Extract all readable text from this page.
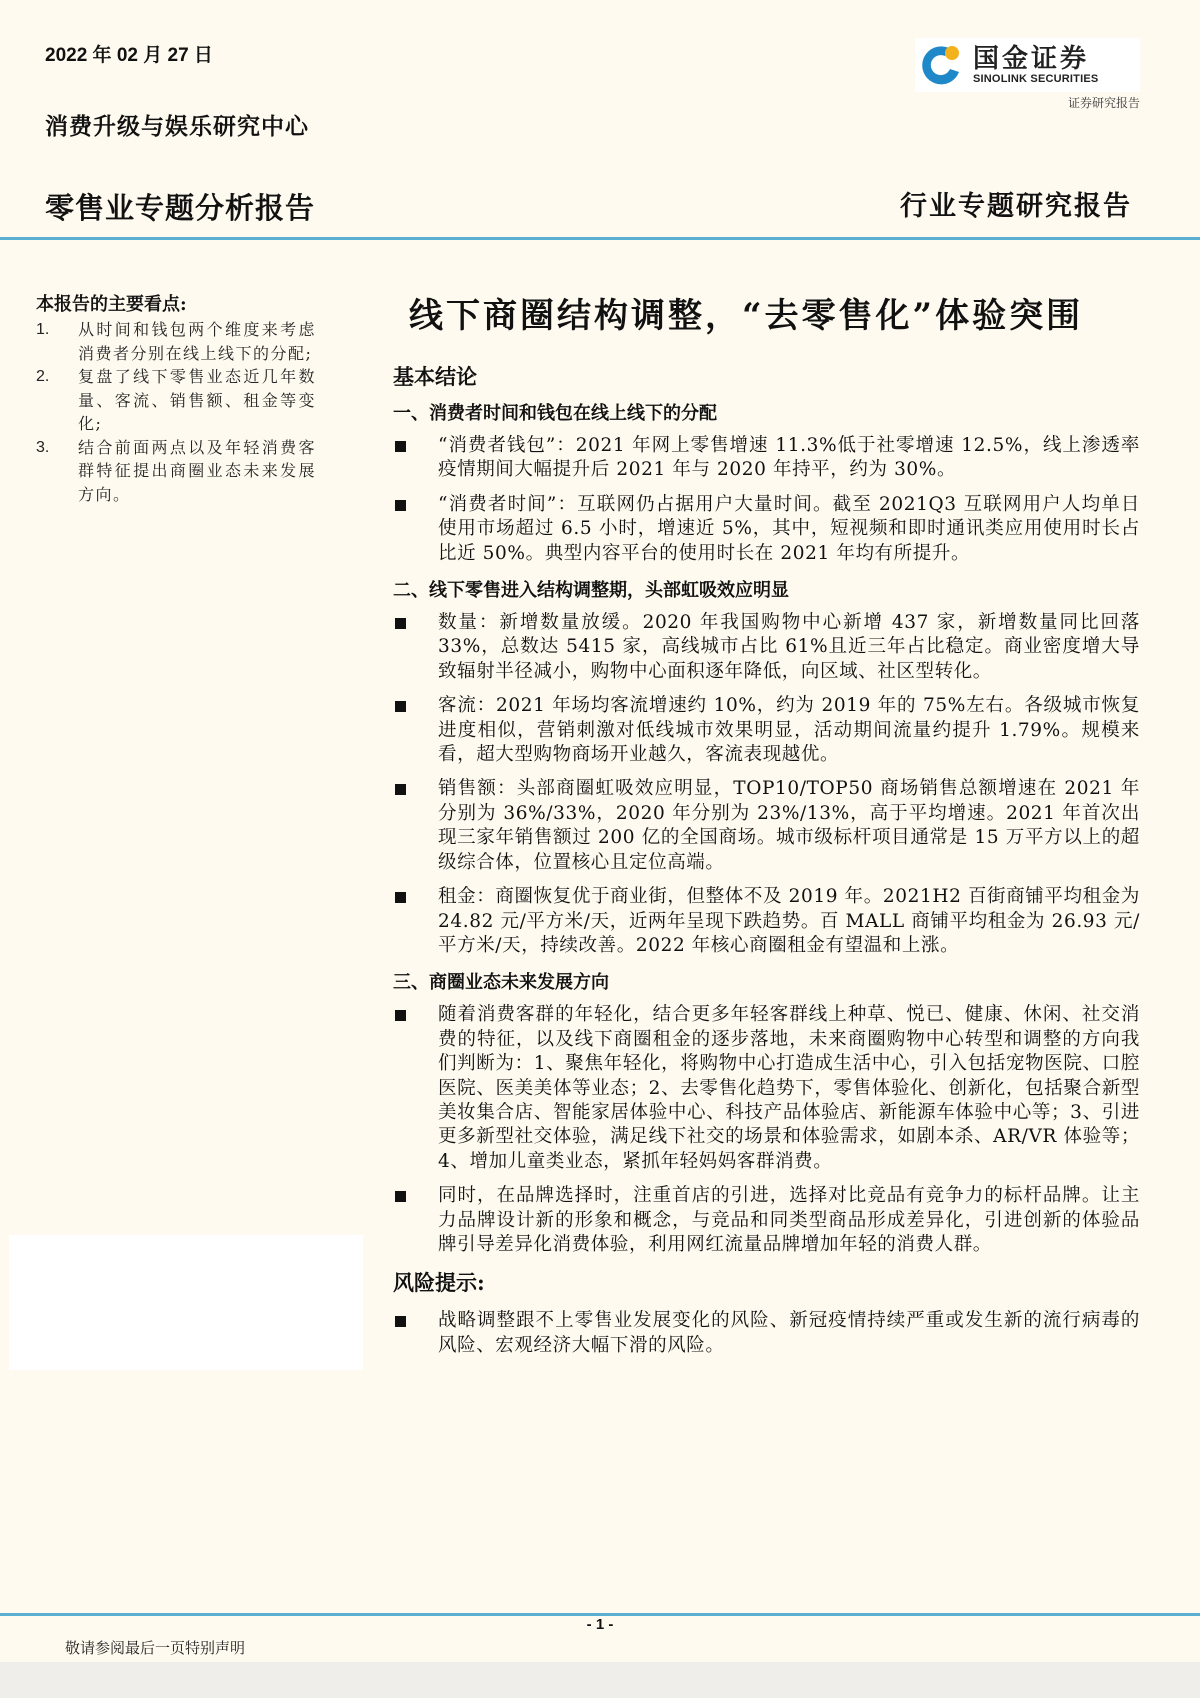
2022 年 02 月 27 日
消费升级与娱乐研究中心
零售业专题分析报告	行业专题研究报告
国金证券
SINOLINK SECURITIES
证券研究报告
本报告的主要看点:
1.	从时间和钱包两个维度来考虑消费者分别在线上线下的分配;
2.	复盘了线下零售业态近几年数量、客流、销售额、租金等变化;
3.	结合前面两点以及年轻消费客群特征提出商圈业态未来发展方向。
线下商圈结构调整，“去零售化”体验突围
基本结论
一、消费者时间和钱包在线上线下的分配
“消费者钱包”：2021 年网上零售增速 11.3%低于社零增速 12.5%，线上渗透率疫情期间大幅提升后 2021 年与 2020 年持平，约为 30%。
“消费者时间”：互联网仍占据用户大量时间。截至 2021Q3 互联网用户人均单日使用市场超过 6.5 小时，增速近 5%，其中，短视频和即时通讯类应用使用时长占比近 50%。典型内容平台的使用时长在 2021 年均有所提升。
二、线下零售进入结构调整期，头部虹吸效应明显
数量：新增数量放缓。2020 年我国购物中心新增 437 家，新增数量同比回落 33%，总数达 5415 家，高线城市占比 61%且近三年占比稳定。商业密度增大导致辐射半径减小，购物中心面积逐年降低，向区域、社区型转化。
客流：2021 年场均客流增速约 10%，约为 2019 年的 75%左右。各级城市恢复进度相似，营销刺激对低线城市效果明显，活动期间流量约提升 1.79%。规模来看，超大型购物商场开业越久，客流表现越优。
销售额：头部商圈虹吸效应明显，TOP10/TOP50 商场销售总额增速在 2021 年分别为 36%/33%，2020 年分别为 23%/13%，高于平均增速。2021 年首次出现三家年销售额过 200 亿的全国商场。城市级标杆项目通常是 15 万平方以上的超级综合体，位置核心且定位高端。
租金：商圈恢复优于商业街，但整体不及 2019 年。2021H2 百街商铺平均租金为 24.82 元/平方米/天，近两年呈现下跌趋势。百 MALL 商铺平均租金为 26.93 元/平方米/天，持续改善。2022 年核心商圈租金有望温和上涨。
三、商圈业态未来发展方向
随着消费客群的年轻化，结合更多年轻客群线上种草、悦已、健康、休闲、社交消费的特征，以及线下商圈租金的逐步落地，未来商圈购物中心转型和调整的方向我们判断为：1、聚焦年轻化，将购物中心打造成生活中心，引入包括宠物医院、口腔医院、医美美体等业态；2、去零售化趋势下，零售体验化、创新化，包括聚合新型美妆集合店、智能家居体验中心、科技产品体验店、新能源车体验中心等；3、引进更多新型社交体验，满足线下社交的场景和体验需求，如剧本杀、AR/VR 体验等；4、增加儿童类业态，紧抓年轻妈妈客群消费。
同时，在品牌选择时，注重首店的引进，选择对比竞品有竞争力的标杆品牌。让主力品牌设计新的形象和概念，与竞品和同类型商品形成差异化，引进创新的体验品牌引导差异化消费体验，利用网红流量品牌增加年轻的消费人群。
风险提示:
战略调整跟不上零售业发展变化的风险、新冠疫情持续严重或发生新的流行病毒的风险、宏观经济大幅下滑的风险。
- 1 -
敬请参阅最后一页特别声明
